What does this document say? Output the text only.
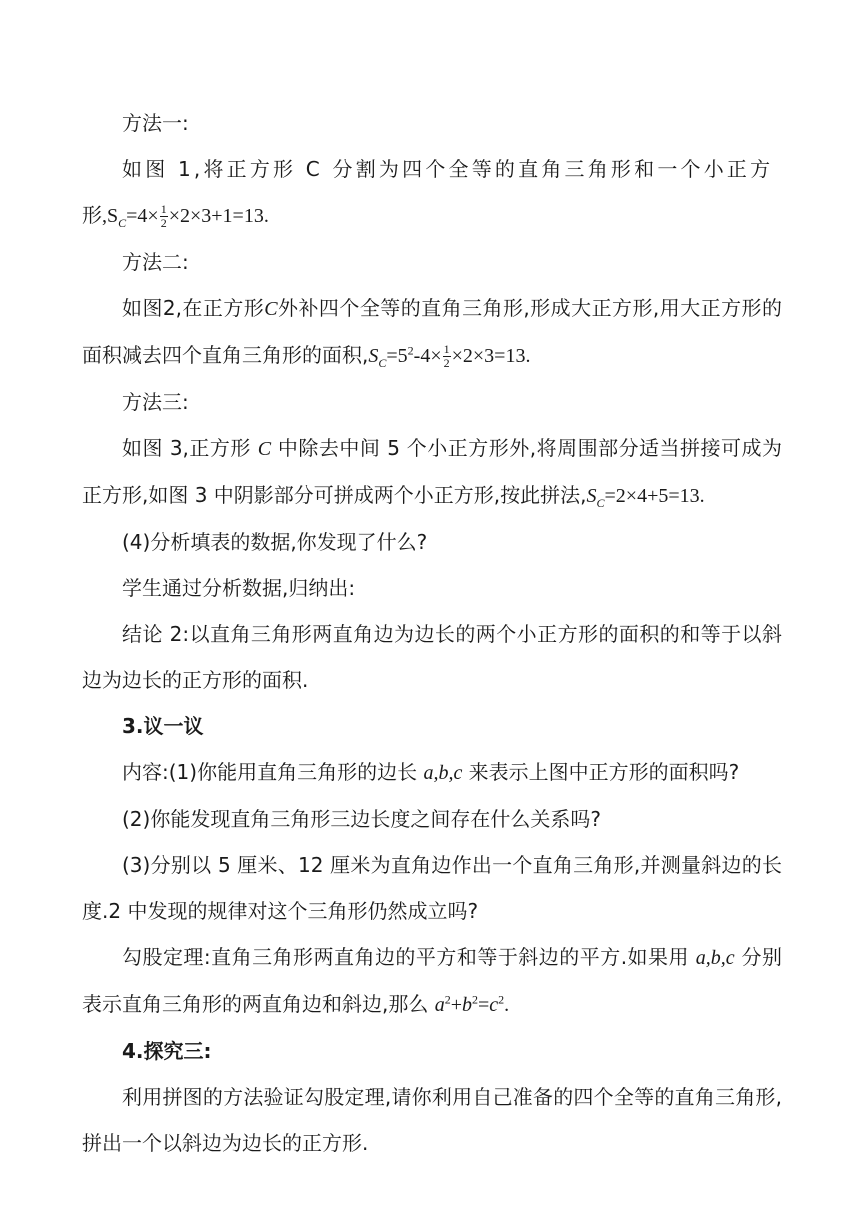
方法一:

如图 1,将正方形 C 分割为四个全等的直角三角形和一个小正方

形$,S_C=4\times \frac{1}{2} \times 2\times 3+1=13$.

方法二:

如图2,在正方形C外补四个全等的直角三角形,形成大正方形,用大正方形的面积减去四个直角三角形的面积$,S_C=5^2-4\times \frac{1}{2} \times 2\times 3=13$.

方法三:

如图 3,正方形 C 中除去中间 5 个小正方形外,将周围部分适当拼接可成为正方形,如图 3 中阴影部分可拼成两个小正方形,按此拼法$,S_C=2\times 4+5=13$.

(4)分析填表的数据,你发现了什么?

学生通过分析数据,归纳出:

结论 2:以直角三角形两直角边为边长的两个小正方形的面积的和等于以斜边为边长的正方形的面积.

3.议一议

内容:(1)你能用直角三角形的边长 a,b,c 来表示上图中正方形的面积吗?

(2)你能发现直角三角形三边长度之间存在什么关系吗?

(3)分别以 5 厘米、12 厘米为直角边作出一个直角三角形,并测量斜边的长度.2 中发现的规律对这个三角形仍然成立吗?

勾股定理:直角三角形两直角边的平方和等于斜边的平方.如果用 a,b,c 分别表示直角三角形的两直角边和斜边,那么 $a^2+b^2=c^2$.

4.探究三:

利用拼图的方法验证勾股定理,请你利用自己准备的四个全等的直角三角形,拼出一个以斜边为边长的正方形.
